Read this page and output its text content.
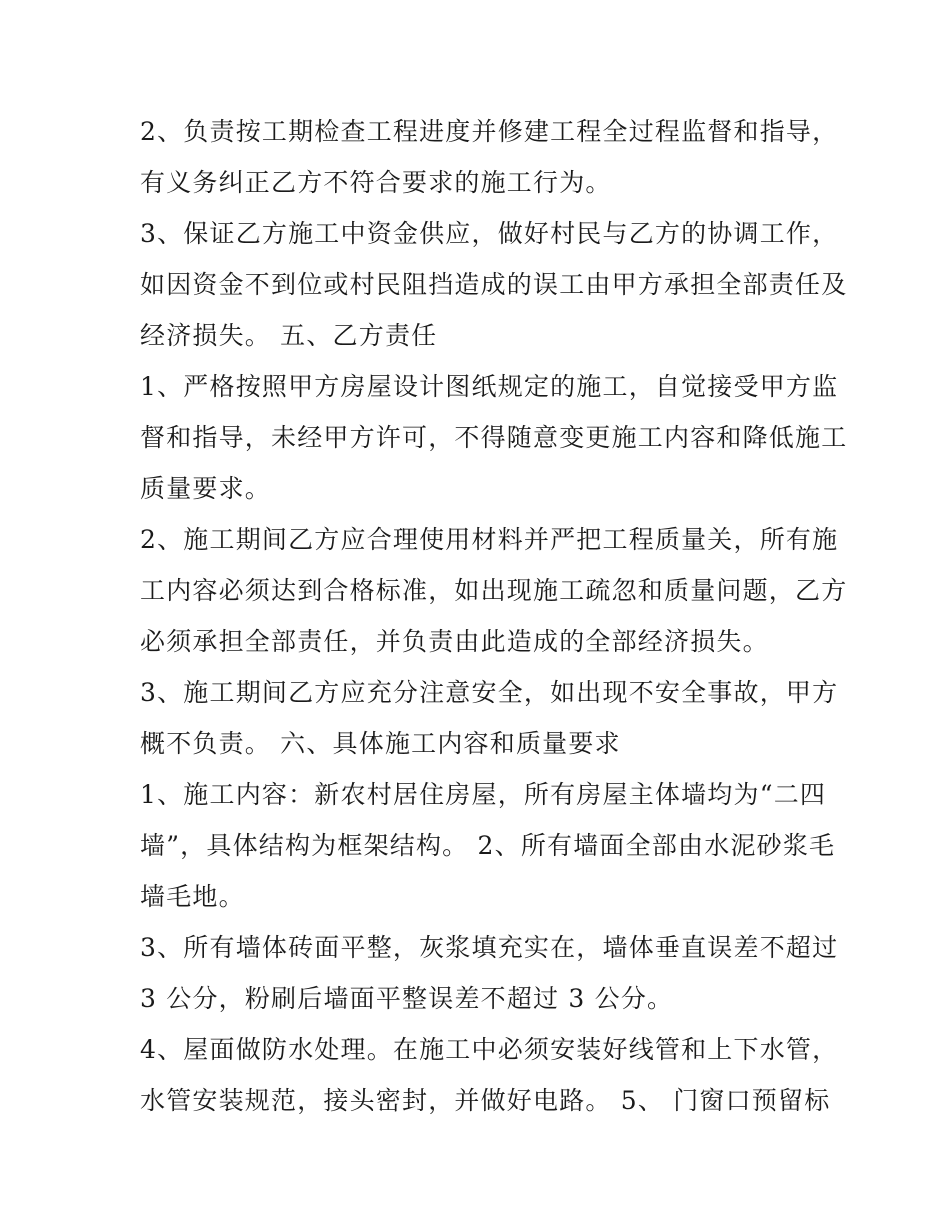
2、负责按工期检查工程进度并修建工程全过程监督和指导，
有义务纠正乙方不符合要求的施工行为。
3、保证乙方施工中资金供应，做好村民与乙方的协调工作，
如因资金不到位或村民阻挡造成的误工由甲方承担全部责任及
经济损失。 五、乙方责任
1、严格按照甲方房屋设计图纸规定的施工，自觉接受甲方监
督和指导，未经甲方许可，不得随意变更施工内容和降低施工
质量要求。
2、施工期间乙方应合理使用材料并严把工程质量关，所有施
工内容必须达到合格标准，如出现施工疏忽和质量问题，乙方
必须承担全部责任，并负责由此造成的全部经济损失。
3、施工期间乙方应充分注意安全，如出现不安全事故，甲方
概不负责。 六、具体施工内容和质量要求
1、施工内容：新农村居住房屋，所有房屋主体墙均为“二四
墙”，具体结构为框架结构。 2、所有墙面全部由水泥砂浆毛
墙毛地。
3、所有墙体砖面平整，灰浆填充实在，墙体垂直误差不超过
3 公分，粉刷后墙面平整误差不超过 3 公分。
4、屋面做防水处理。在施工中必须安装好线管和上下水管，
水管安装规范，接头密封，并做好电路。 5、 门窗口预留标
